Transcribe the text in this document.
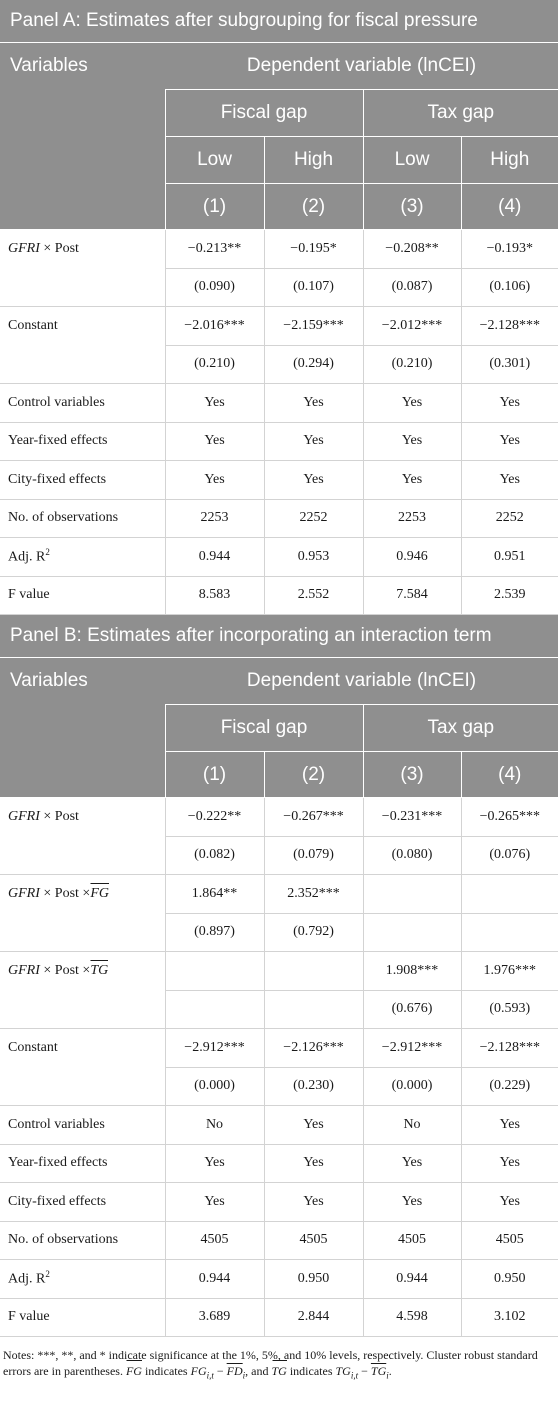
Panel A: Estimates after subgrouping for fiscal pressure				
Variables	Dependent variable (lnCEI)			
	Fiscal gap		Tax gap	
	Low	High	Low	High
	(1)	(2)	(3)	(4)
GFRI × Post	−0.213**	−0.195*	−0.208**	−0.193*
	(0.090)	(0.107)	(0.087)	(0.106)
Constant	−2.016***	−2.159***	−2.012***	−2.128***
	(0.210)	(0.294)	(0.210)	(0.301)
Control variables	Yes	Yes	Yes	Yes
Year-fixed effects	Yes	Yes	Yes	Yes
City-fixed effects	Yes	Yes	Yes	Yes
No. of observations	2253	2252	2253	2252
Adj. $R^2$	0.944	0.953	0.946	0.951
F value	8.583	2.552	7.584	2.539
Panel B: Estimates after incorporating an interaction term				
Variables	Dependent variable (lnCEI)			
	Fiscal gap		Tax gap	
	(1)	(2)	(3)	(4)
GFRI × Post	−0.222**	−0.267***	−0.231***	−0.265***
	(0.082)	(0.079)	(0.080)	(0.076)
GFRI × Post ×FG	1.864**	2.352***		
	(0.897)	(0.792)		
GFRI × Post ×TG			1.908***	1.976***
			(0.676)	(0.593)
Constant	−2.912***	−2.126***	−2.912***	−2.128***
	(0.000)	(0.230)	(0.000)	(0.229)
Control variables	No	Yes	No	Yes
Year-fixed effects	Yes	Yes	Yes	Yes
City-fixed effects	Yes	Yes	Yes	Yes
No. of observations	4505	4505	4505	4505
Adj. $R^2$	0.944	0.950	0.944	0.950
F value	3.689	2.844	4.598	3.102
Notes: ***, **, and * indicate significance at the 1%, 5%, and 10% levels, respectively. Cluster robust standard errors are in parentheses. FG indicates $FG_{i,t} - \overline{FD}_i$, and TG indicates $TG_{i,t} - \overline{TG}_i$.
